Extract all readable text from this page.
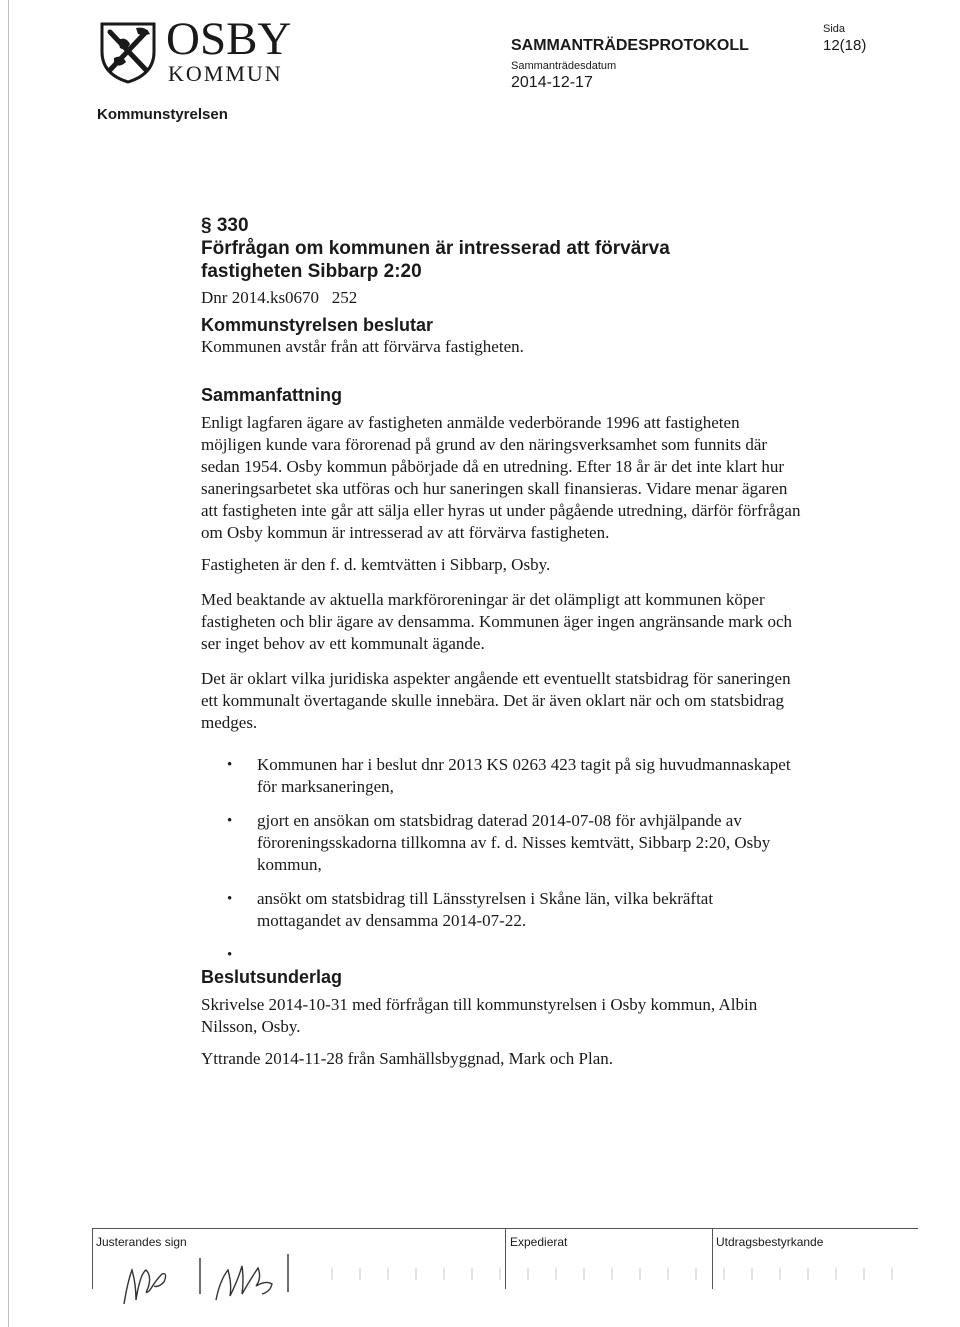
OSBY
KOMMUN
Kommunstyrelsen
SAMMANTRÄDESPROTOKOLL
Sammanträdesdatum
2014-12-17
Sida
12(18)
§ 330
Förfrågan om kommunen är intresserad att förvärva
fastigheten Sibbarp 2:20
Dnr 2014.ks0670   252
Kommunstyrelsen beslutar

Kommunen avstår från att förvärva fastigheten.

Sammanfattning

Enligt lagfaren ägare av fastigheten anmälde vederbörande 1996 att fastigheten möjligen kunde vara förorenad på grund av den näringsverksamhet som funnits där sedan 1954. Osby kommun påbörjade då en utredning. Efter 18 år är det inte klart hur saneringsarbetet ska utföras och hur saneringen skall finansieras. Vidare menar ägaren att fastigheten inte går att sälja eller hyras ut under pågående utredning, därför förfrågan om Osby kommun är intresserad av att förvärva fastigheten.

Fastigheten är den f. d. kemtvätten i Sibbarp, Osby.

Med beaktande av aktuella markföroreningar är det olämpligt att kommunen köper fastigheten och blir ägare av densamma. Kommunen äger ingen angränsande mark och ser inget behov av ett kommunalt ägande.

Det är oklart vilka juridiska aspekter angående ett eventuellt statsbidrag för saneringen ett kommunalt övertagande skulle innebära. Det är även oklart när och om statsbidrag medges.

• Kommunen har i beslut dnr 2013 KS 0263 423 tagit på sig huvudmannaskapet för marksaneringen,
• gjort en ansökan om statsbidrag daterad 2014-07-08 för avhjälpande av föroreningsskadorna tillkomna av f. d. Nisses kemtvätt, Sibbarp 2:20, Osby kommun,
• ansökt om statsbidrag till Länsstyrelsen i Skåne län, vilka bekräftat mottagandet av densamma 2014-07-22.
•
Beslutsunderlag

Skrivelse 2014-10-31 med förfrågan till kommunstyrelsen i Osby kommun, Albin Nilsson, Osby.

Yttrande 2014-11-28 från Samhällsbyggnad, Mark och Plan.

Justerandes sign	Expedierat	Utdragsbestyrkande
